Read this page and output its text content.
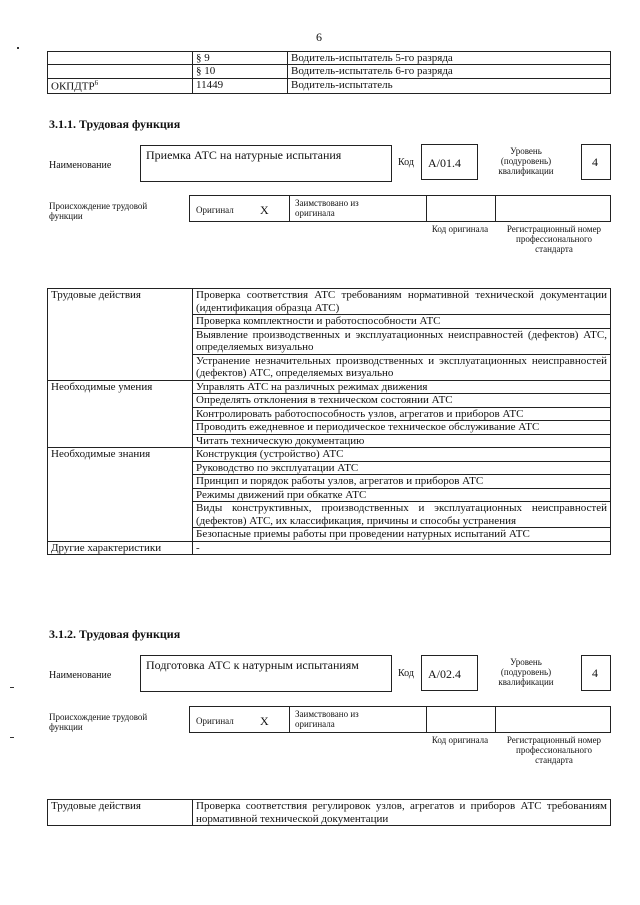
6
	§ 9	Водитель-испытатель 5-го разряда
	§ 10	Водитель-испытатель 6-го разряда
ОКПДТР$^6$	11449	Водитель-испытатель
3.1.1. Трудовая функция
Наименование
Приемка АТС на натурные испытания
Код A/01.4
Уровень (подуровень) квалификации
4
Происхождение трудовой функции
Оригинал X	Заимствовано из оригинала
Код оригинала	Регистрационный номер профессионального стандарта
Трудовые действия	Проверка соответствия АТС требованиям нормативной технической документации (идентификация образца АТС)
	Проверка комплектности и работоспособности АТС
	Выявление производственных и эксплуатационных неисправностей (дефектов) АТС, определяемых визуально
	Устранение незначительных производственных и эксплуатационных неисправностей (дефектов) АТС, определяемых визуально
Необходимые умения	Управлять АТС на различных режимах движения
	Определять отклонения в техническом состоянии АТС
	Контролировать работоспособность узлов, агрегатов и приборов АТС
	Проводить ежедневное и периодическое техническое обслуживание АТС
	Читать техническую документацию
Необходимые знания	Конструкция (устройство) АТС
	Руководство по эксплуатации АТС
	Принцип и порядок работы узлов, агрегатов и приборов АТС
	Режимы движений при обкатке АТС
	Виды конструктивных, производственных и эксплуатационных неисправностей (дефектов) АТС, их классификация, причины и способы устранения
	Безопасные приемы работы при проведении натурных испытаний АТС
Другие характеристики	-
3.1.2. Трудовая функция
Наименование
Подготовка АТС к натурным испытаниям
Код A/02.4
Уровень (подуровень) квалификации
4
Происхождение трудовой функции
Оригинал X	Заимствовано из оригинала
Код оригинала	Регистрационный номер профессионального стандарта
Трудовые действия	Проверка соответствия регулировок узлов, агрегатов и приборов АТС требованиям нормативной технической документации
